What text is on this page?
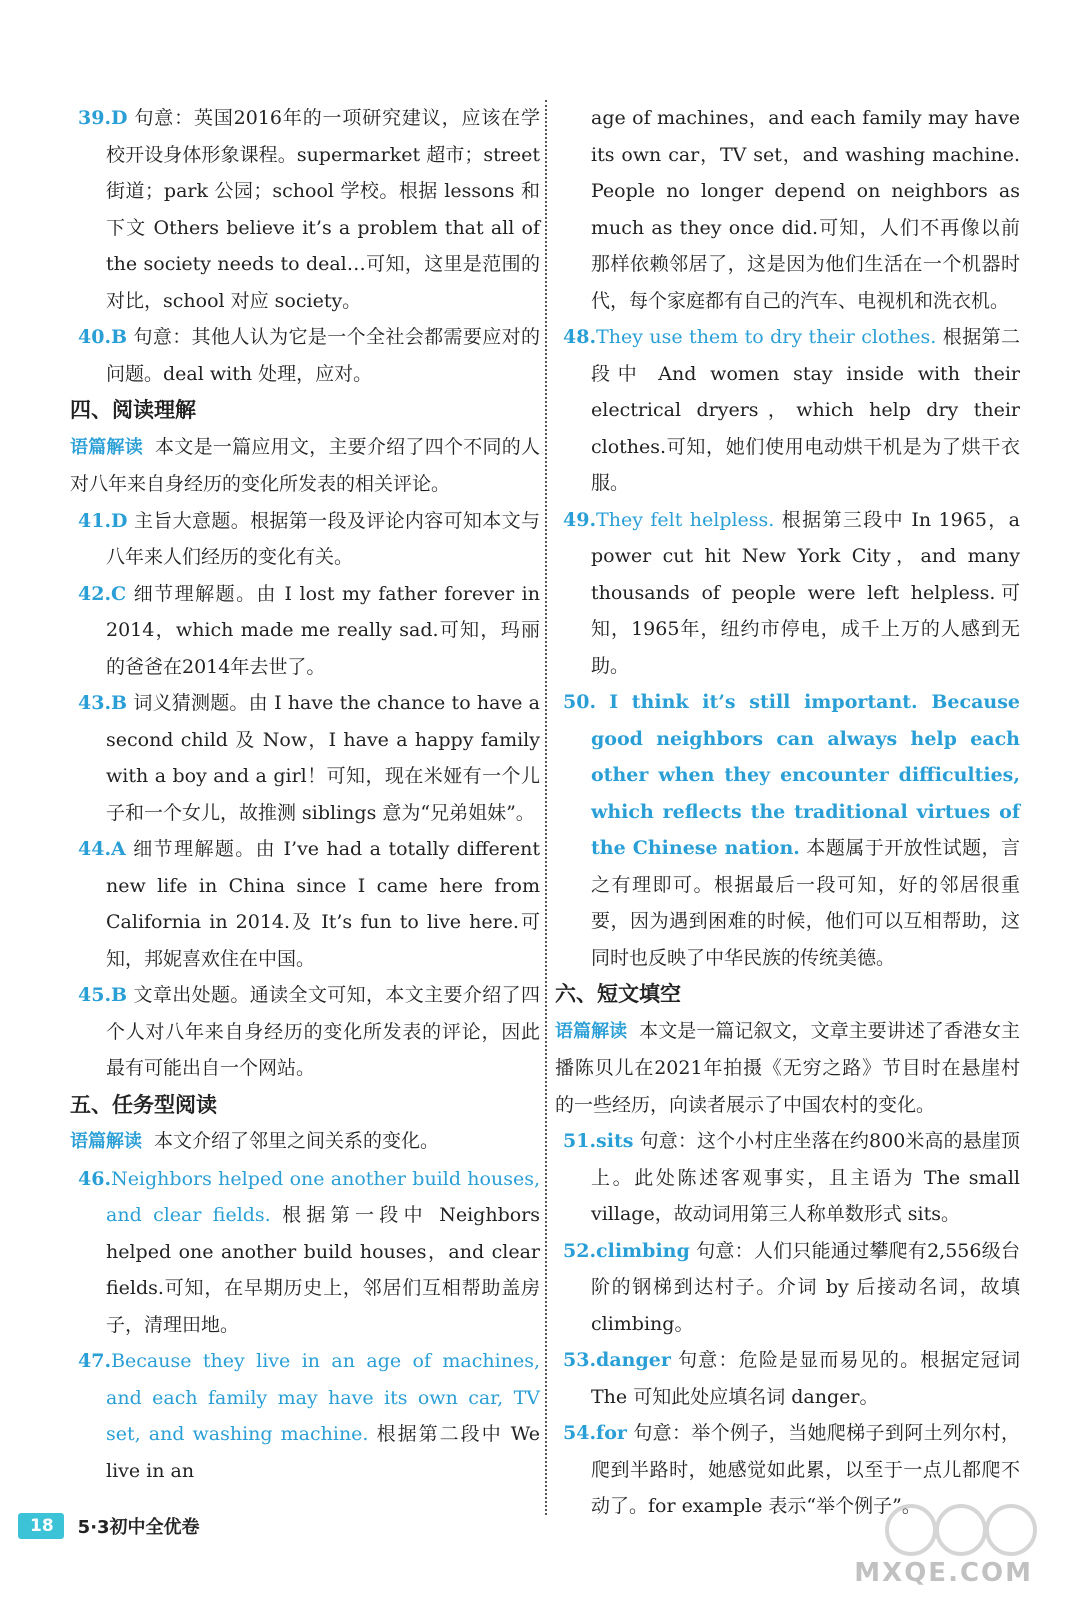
39.D 句意：英国2016年的一项研究建议，应该在学校开设身体形象课程。supermarket 超市；street 街道；park 公园；school 学校。根据 lessons 和下文 Others believe it’s a problem that all of the society needs to deal…可知，这里是范围的对比，school 对应 society。

40.B 句意：其他人认为它是一个全社会都需要应对的问题。deal with 处理，应对。

四、阅读理解

语篇解读 本文是一篇应用文，主要介绍了四个不同的人对八年来自身经历的变化所发表的相关评论。

41.D 主旨大意题。根据第一段及评论内容可知本文与八年来人们经历的变化有关。

42.C 细节理解题。由 I lost my father forever in 2014，which made me really sad.可知，玛丽的爸爸在2014年去世了。

43.B 词义猜测题。由 I have the chance to have a second child 及 Now，I have a happy family with a boy and a girl！可知，现在米娅有一个儿子和一个女儿，故推测 siblings 意为“兄弟姐妹”。

44.A 细节理解题。由 I’ve had a totally different new life in China since I came here from California in 2014.及 It’s fun to live here.可知，邦妮喜欢住在中国。

45.B 文章出处题。通读全文可知，本文主要介绍了四个人对八年来自身经历的变化所发表的评论，因此最有可能出自一个网站。

五、任务型阅读

语篇解读 本文介绍了邻里之间关系的变化。

46.Neighbors helped one another build houses, and clear fields. 根据第一段中 Neighbors helped one another build houses，and clear fields.可知，在早期历史上，邻居们互相帮助盖房子，清理田地。

47.Because they live in an age of machines, and each family may have its own car, TV set, and washing machine. 根据第二段中 We live in an

age of machines，and each family may have its own car，TV set，and washing machine. People no longer depend on neighbors as much as they once did.可知，人们不再像以前那样依赖邻居了，这是因为他们生活在一个机器时代，每个家庭都有自己的汽车、电视机和洗衣机。

48.They use them to dry their clothes. 根据第二段中 And women stay inside with their electrical dryers，which help dry their clothes.可知，她们使用电动烘干机是为了烘干衣服。

49.They felt helpless. 根据第三段中 In 1965，a power cut hit New York City，and many thousands of people were left helpless.可知，1965年，纽约市停电，成千上万的人感到无助。

50. I think it’s still important. Because good neighbors can always help each other when they encounter difficulties, which reflects the traditional virtues of the Chinese nation. 本题属于开放性试题，言之有理即可。根据最后一段可知，好的邻居很重要，因为遇到困难的时候，他们可以互相帮助，这同时也反映了中华民族的传统美德。

六、短文填空

语篇解读 本文是一篇记叙文，文章主要讲述了香港女主播陈贝儿在2021年拍摄《无穷之路》节目时在悬崖村的一些经历，向读者展示了中国农村的变化。

51.sits 句意：这个小村庄坐落在约800米高的悬崖顶上。此处陈述客观事实，且主语为 The small village，故动词用第三人称单数形式 sits。

52.climbing 句意：人们只能通过攀爬有2,556级台阶的钢梯到达村子。介词 by 后接动名词，故填 climbing。

53.danger 句意：危险是显而易见的。根据定冠词 The 可知此处应填名词 danger。

54.for 句意：举个例子，当她爬梯子到阿土列尔村，爬到半路时，她感觉如此累，以至于一点儿都爬不动了。for example 表示“举个例子”。

18	5·3初中全优卷
MXQE.COM
